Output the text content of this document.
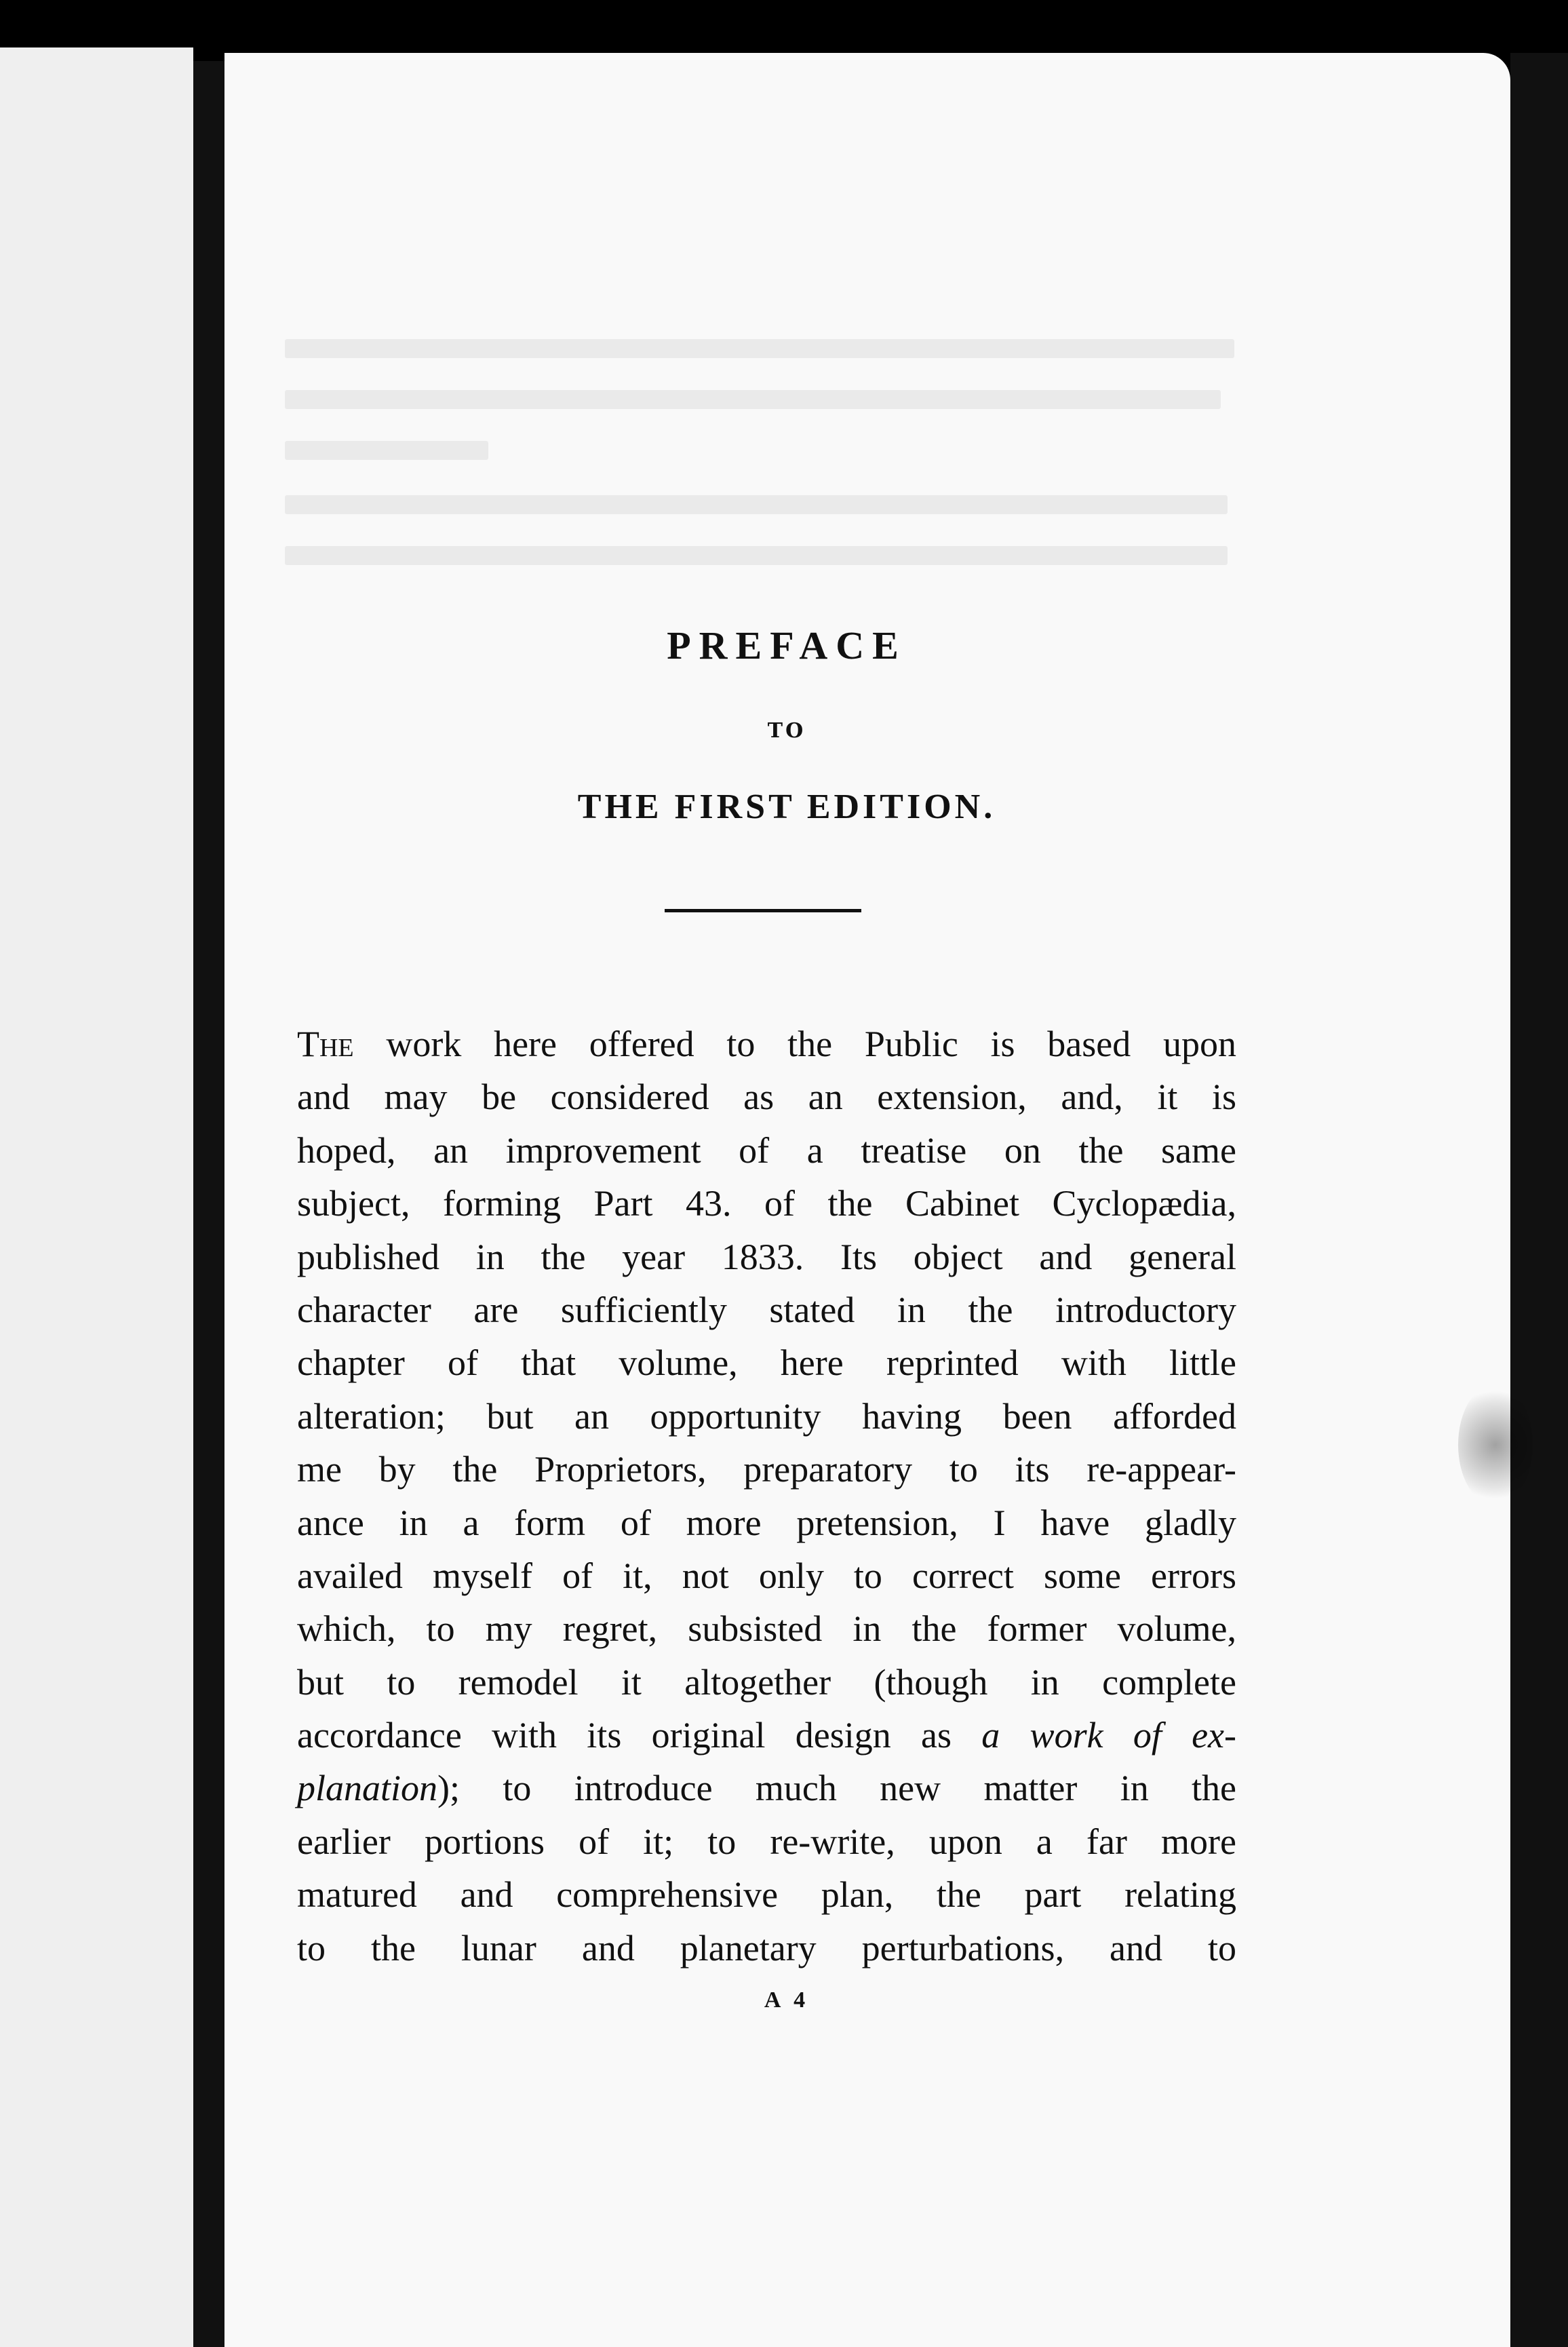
PREFACE
TO
THE FIRST EDITION.
The work here offered to the Public is based upon
and may be considered as an extension, and, it is
hoped, an improvement of a treatise on the same
subject, forming Part 43. of the Cabinet Cyclopædia,
published in the year 1833. Its object and general
character are sufficiently stated in the introductory
chapter of that volume, here reprinted with little
alteration; but an opportunity having been afforded
me by the Proprietors, preparatory to its re-appear-
ance in a form of more pretension, I have gladly
availed myself of it, not only to correct some errors
which, to my regret, subsisted in the former volume,
but to remodel it altogether (though in complete
accordance with its original design as a work of ex-
planation); to introduce much new matter in the
earlier portions of it; to re-write, upon a far more
matured and comprehensive plan, the part relating
to the lunar and planetary perturbations, and to
A 4
